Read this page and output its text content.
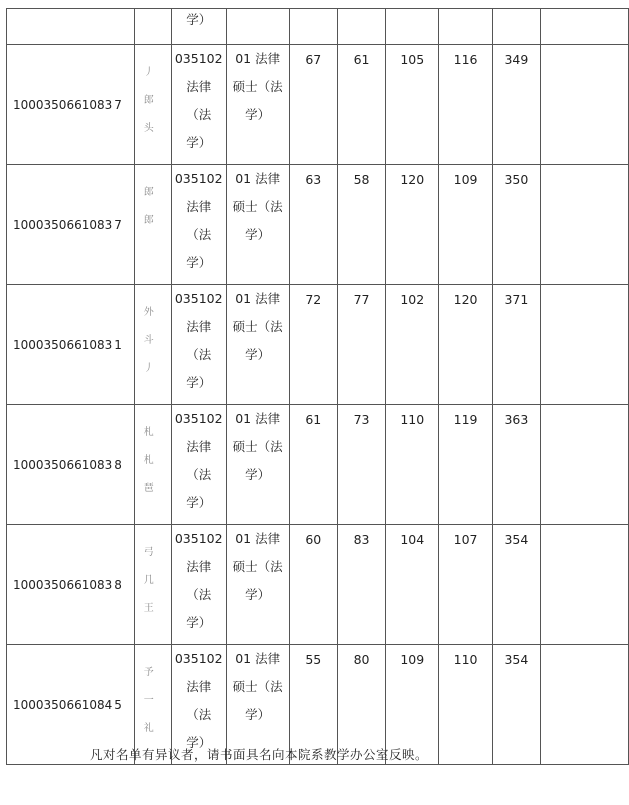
		学）							

1000350661083 7	丿
郎
头	035102
法律
（法
学）	01 法律
硕士（法
学）	67	61	105	116	349	
1000350661083 7	郎
郎	035102
法律
（法
学）	01 法律
硕士（法
学）	63	58	120	109	350	
1000350661083 1	外
斗
丿	035102
法律
（法
学）	01 法律
硕士（法
学）	72	77	102	120	371	
1000350661083 8	札
札
琶	035102
法律
（法
学）	01 法律
硕士（法
学）	61	73	110	119	363	
1000350661083 8	弓
几
王	035102
法律
（法
学）	01 法律
硕士（法
学）	60	83	104	107	354	
1000350661084 5	予
一
礼	035102
法律
（法
学）	01 法律
硕士（法
学）	55	80	109	110	354	
凡对名单有异议者，请书面具名向本院系教学办公室反映。
